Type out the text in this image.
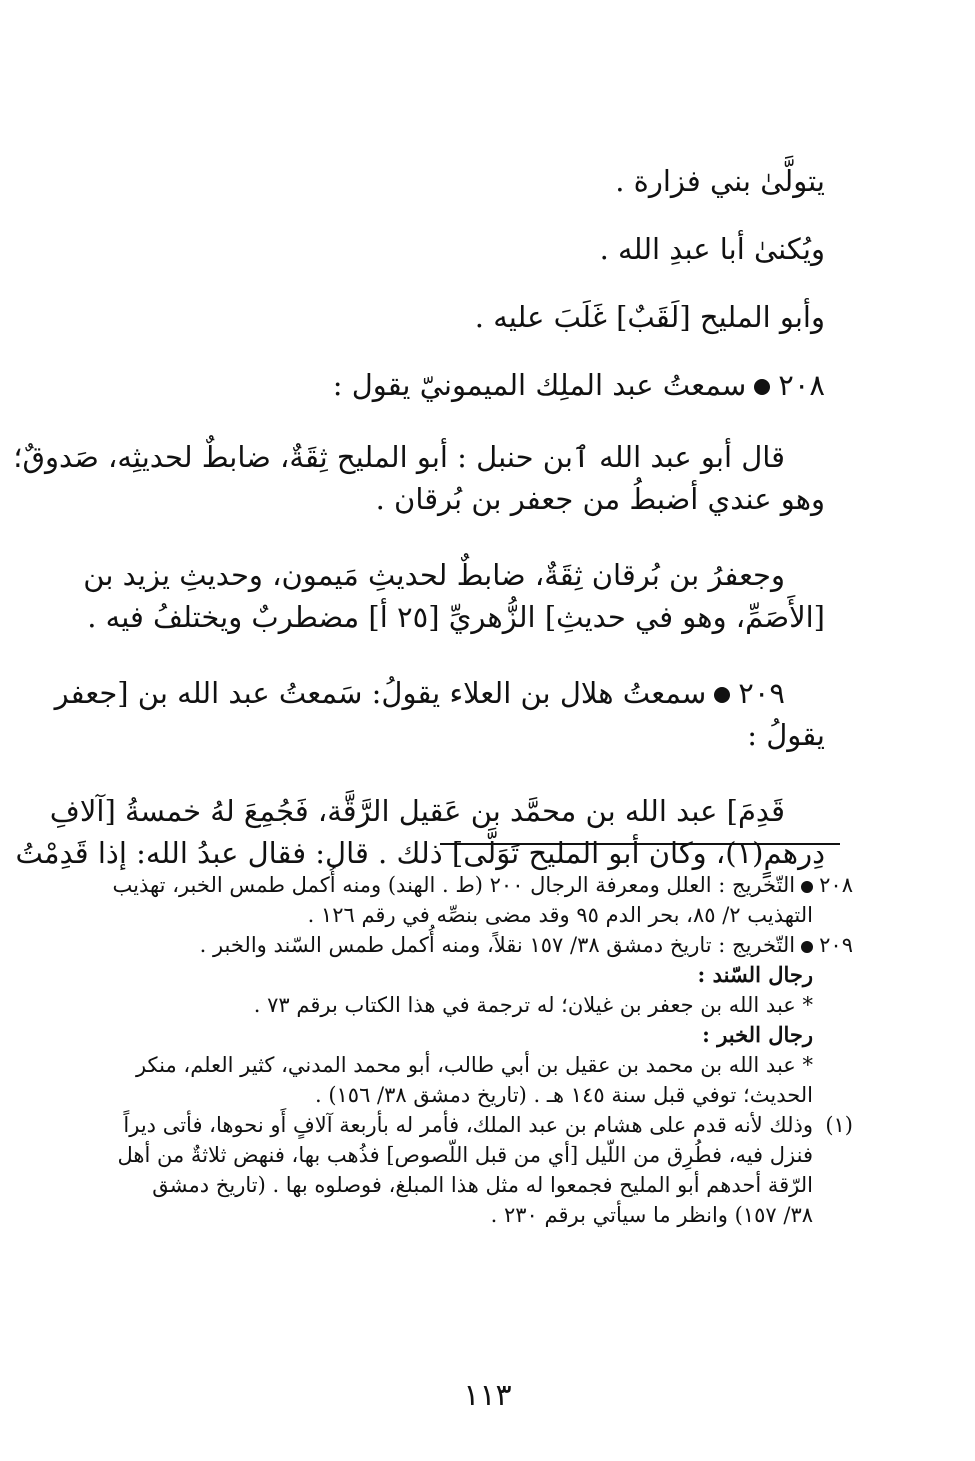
يتولَّىٰ بني فزارة .
ويُكنىٰ أبا عبدِ الله .
وأبو المليح [لَقَبٌ] غَلَبَ عليه .
٢٠٨سمعتُ عبد الملِك الميمونيّ يقول :
قال أبو عبد الله ٱبن حنبل : أبو المليح ثِقَةٌ، ضابطٌ لحديثِه، صَدوقٌ؛
وهو عندي أضبطُ من جعفر بن بُرقان .
وجعفرُ بن بُرقان ثِقَةٌ، ضابطٌ لحديثِ مَيمون، وحديثِ يزيد بن
[الأَصَمِّ، وهو في حديثِ] الزُّهريِّ [٢٥ أ] مضطربٌ ويختلفُ فيه .
٢٠٩سمعتُ هلال بن العلاء يقولُ: سَمعتُ عبد الله بن [جعفر
يقولُ :
قَدِمَ] عبد الله بن محمَّد بن عَقيل الرَّقَّة، فَجُمِعَ لهُ خمسةُ [آلافِ
دِرهمٍ(١)، وكان أبو المليح تَوَلَّى] ذلك . قال: فقال عبدُ الله: إذا قَدِمْتُ
٢٠٨التّخريج : العلل ومعرفة الرجال ٢٠٠ (ط . الهند) ومنه أُكمل طمس الخبر، تهذيب
التهذيب ٢/ ٨٥، بحر الدم ٩٥ وقد مضى بنصِّه في رقم ١٢٦ .
٢٠٩التّخريج : تاريخ دمشق ٣٨/ ١٥٧ نقلاً، ومنه أُكمل طمس السّند والخبر .
رجال السّند :
* عبد الله بن جعفر بن غيلان؛ له ترجمة في هذا الكتاب برقم ٧٣ .
رجال الخبر :
* عبد الله بن محمد بن عقيل بن أبي طالب، أبو محمد المدني، كثير العلم، منكر
الحديث؛ توفي قبل سنة ١٤٥ هـ . (تاريخ دمشق ٣٨/ ١٥٦) .
(١)وذلك لأنه قدم على هشام بن عبد الملك، فأمر له بأربعة آلافٍ أَو نحوها، فأتى ديراً
فنزل فيه، فطُرِق من اللّيل [أي من قبل اللّصوص] فذُهب بها، فنهض ثلاثةٌ من أهل
الرّقة أحدهم أبو المليح فجمعوا له مثل هذا المبلغ، فوصلوه بها . (تاريخ دمشق
٣٨/ ١٥٧) وانظر ما سيأتي برقم ٢٣٠ .
١١٣
